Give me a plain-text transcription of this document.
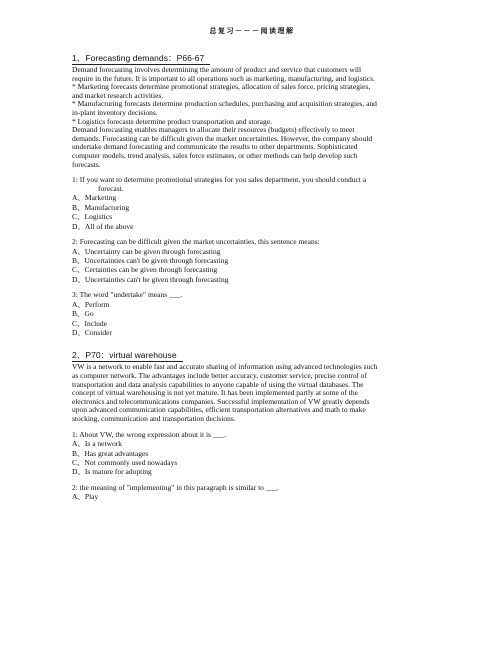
总复习－－－阅读理解
1、Forecasting demands：P66-67

Demand forecasting involves determining the amount of product and service that customers will

require in the future. It is important to all operations such as marketing, manufacturing, and logistics.

* Marketing forecasts determine promotional strategies, allocation of sales force, pricing strategies,

and market research activities.

* Manufacturing forecasts determine production schedules, purchasing and acquisition strategies, and

in-plant inventory decisions.

* Logistics forecasts determine product transportation and storage.

Demand forecasting enables managers to allocate their resources (budgets) effectively to meet

demands. Forecasting can be difficult given the market uncertainties. However, the company should

undertake demand forecasting and communicate the results to other departments. Sophisticated

computer models, trend analysis, sales force estimates, or other methods can help develop such

forecasts.

1: If you want to determine promotional strategies for you sales department, you should conduct a

forecast.

A、Marketing

B、Manufacturing

C、Logistics

D、All of the above

2: Forecasting can be difficult given the market uncertainties, this sentence means:

A、Uncertainty can be given through forecasting

B、Uncertainties can't be given through forecasting

C、Certainties can be given through forecasting

D、Uncertainties can't be given through forecasting

3: The word "undertake" means ___.

A、Perform

B、Go

C、Include

D、Consider

2、P70：virtual warehouse

VW is a network to enable fast and accurate sharing of information using advanced technologies such

as computer network. The advantages include better accuracy, customer service, precise control of

transportation and data analysis capabilities to anyone capable of using the virtual databases. The

concept of virtual warehousing is not yet mature. It has been implemented partly at some of the

electronics and telecommunications companies. Successful implementation of VW greatly depends

upon advanced communication capabilities, efficient transportation alternatives and math to make

stocking, communication and transportation decisions.

1: About VW, the wrong expression about it is ___.

A、Is a network

B、Has great advantages

C、Not commonly used nowadays

D、Is mature for adopting

2: the meaning of "implementing" in this paragraph is similar to ___.

A、Play
